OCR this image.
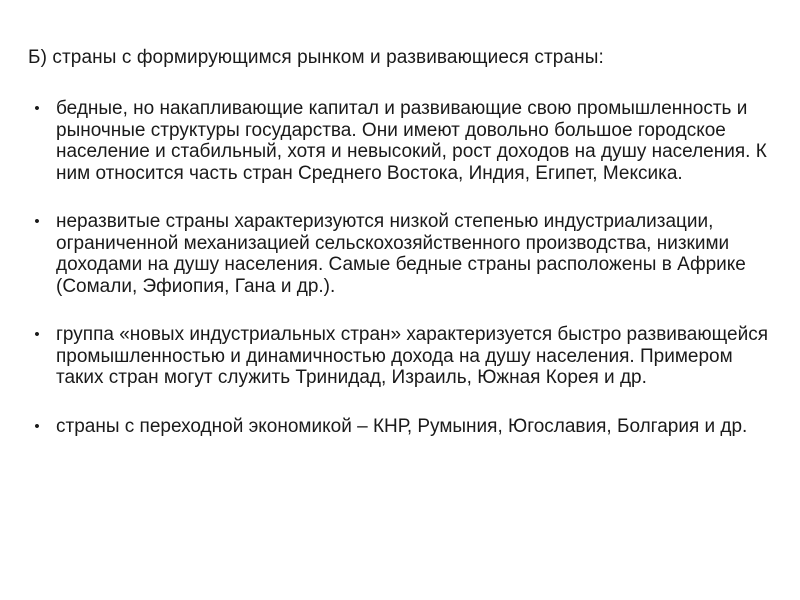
Б) страны с формирующимся рынком и развивающиеся страны:
• бедные, но накапливающие капитал и развивающие свою промышленность и рыночные структуры государства. Они имеют довольно большое городское население и стабильный, хотя и невысокий, рост доходов на душу населения. К ним относится часть стран Среднего Востока, Индия, Египет, Мексика.
• неразвитые страны характеризуются низкой степенью индустриализации, ограниченной механизацией сельскохозяйственного производства, низкими доходами на душу населения. Самые бедные страны расположены в Африке (Сомали, Эфиопия, Гана и др.).
• группа «новых индустриальных стран» характеризуется быстро развивающейся промышленностью и динамичностью дохода на душу населения. Примером таких стран могут служить Тринидад, Израиль, Южная Корея и др.
• страны с переходной экономикой – КНР, Румыния, Югославия, Болгария и др.
